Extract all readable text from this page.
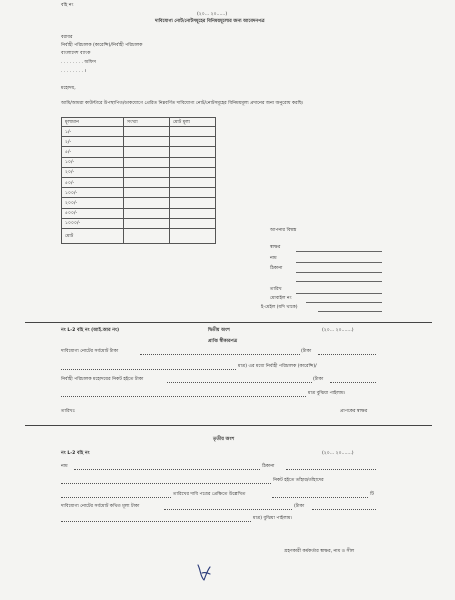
বহি নং
(২০... ২০......)
দাবিযোগ্য নোট/নোটসমূহের বিনিময়মূল্যের জন্য আবেদনপত্র
বরাবর
নির্বাহী পরিচালক (কারেন্সি)/নির্বাহী পরিচালক
বাংলাদেশ ব্যাংক
. . . . . . . . অফিস
. . . . . . . . ।
মহোদয়,
আমি/আমরা কাউন্টারে উপস্থাপিত/ডাকযোগে প্রেরিত নিম্নবর্ণিত দাবিযোগ্য নোট/নোটসমূহের বিনিময়মূল্য প্রদানের জন্য অনুরোধ করছি।
মূল্যমান	সংখ্যা	মোট মূল্য
১/-		
২/-		
৫/-		
১০/-		
২০/-		
৫০/-		
১০০/-		
২০০/-		
৫০০/-		
১০০০/-		
মোট		
আপনার বিশ্বস্ত
স্বাক্ষর
নাম
ঠিকানা
তারিখ
মোবাইল নং
ই-মেইল (যদি থাকে)
নং L-2 বহি নং (আই.আর নং)	দ্বিতীয় অংশ	(২০... ২০.......)
প্রাপ্তি স্বীকারপত্র
দাবিযোগ্য নোটের সর্বমোট টাকা	(টাকা
মাত্র) এর মধ্যে নির্বাহী পরিচালক (কারেন্সি)/
নির্বাহী পরিচালক মহোদয়ের নিকট হইতে টাকা	(টাকা
মাত্র বুঝিয়া পাইলাম।
তারিখঃ	প্রাপকের স্বাক্ষর
তৃতীয় অংশ
নং L-2 বহি নং	(২০... ২০.......)
নাম	ঠিকানা
নিকট হইতে তাঁহার/তাঁহাদের
তারিখের দাবি পত্রের প্রেক্ষিতে উল্লেখিত	টি
দাবিযোগ্য নোটের সর্বমোট কথিত মূল্য টাকা	(টাকা
মাত্র) বুঝিয়া পাইলাম।
গ্রহণকারী কর্মকর্তার স্বাক্ষর, নাম ও সীল
